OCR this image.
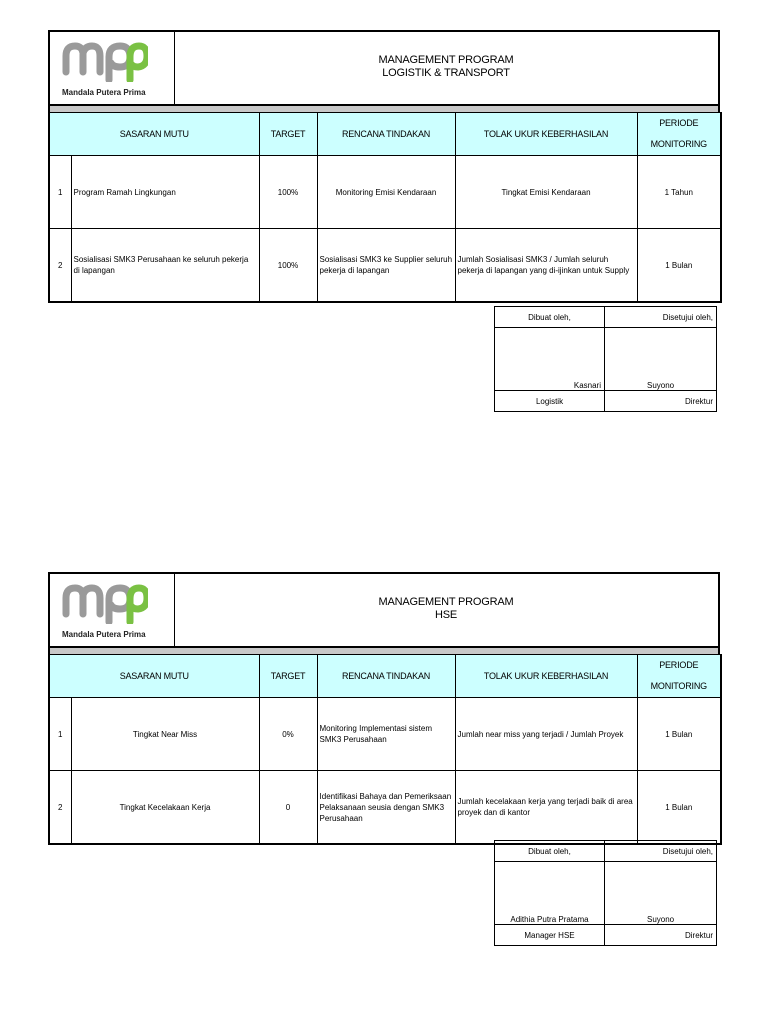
Mandala Putera Prima
MANAGEMENT PROGRAM
LOGISTIK & TRANSPORT
SASARAN MUTU		TARGET	RENCANA TINDAKAN	TOLAK UKUR KEBERHASILAN	PERIODE
MONITORING

1	Program Ramah Lingkungan	100%	Monitoring Emisi Kendaraan	Tingkat Emisi Kendaraan	1 Tahun
2	Sosialisasi SMK3 Perusahaan ke seluruh pekerja di lapangan	100%	Sosialisasi SMK3 ke Supplier seluruh pekerja di lapangan	Jumlah Sosialisasi SMK3 / Jumlah seluruh pekerja di lapangan yang di-ijinkan untuk Supply	1 Bulan
Dibuat oleh,	Disetujui oleh,
Kasnari	Suyono
Logistik	Direktur
Mandala Putera Prima
MANAGEMENT PROGRAM
HSE
SASARAN MUTU		TARGET	RENCANA TINDAKAN	TOLAK UKUR KEBERHASILAN	PERIODE
MONITORING

1	Tingkat Near Miss	0%	Monitoring Implementasi sistem SMK3 Perusahaan	Jumlah near miss yang terjadi / Jumlah Proyek	1 Bulan
2	Tingkat Kecelakaan Kerja	0	Identifikasi Bahaya dan Pemeriksaan Pelaksanaan seusia dengan SMK3 Perusahaan	Jumlah kecelakaan kerja yang terjadi baik di area proyek dan di kantor	1 Bulan
Dibuat oleh,	Disetujui oleh,
Adithia Putra Pratama	Suyono
Manager HSE	Direktur
